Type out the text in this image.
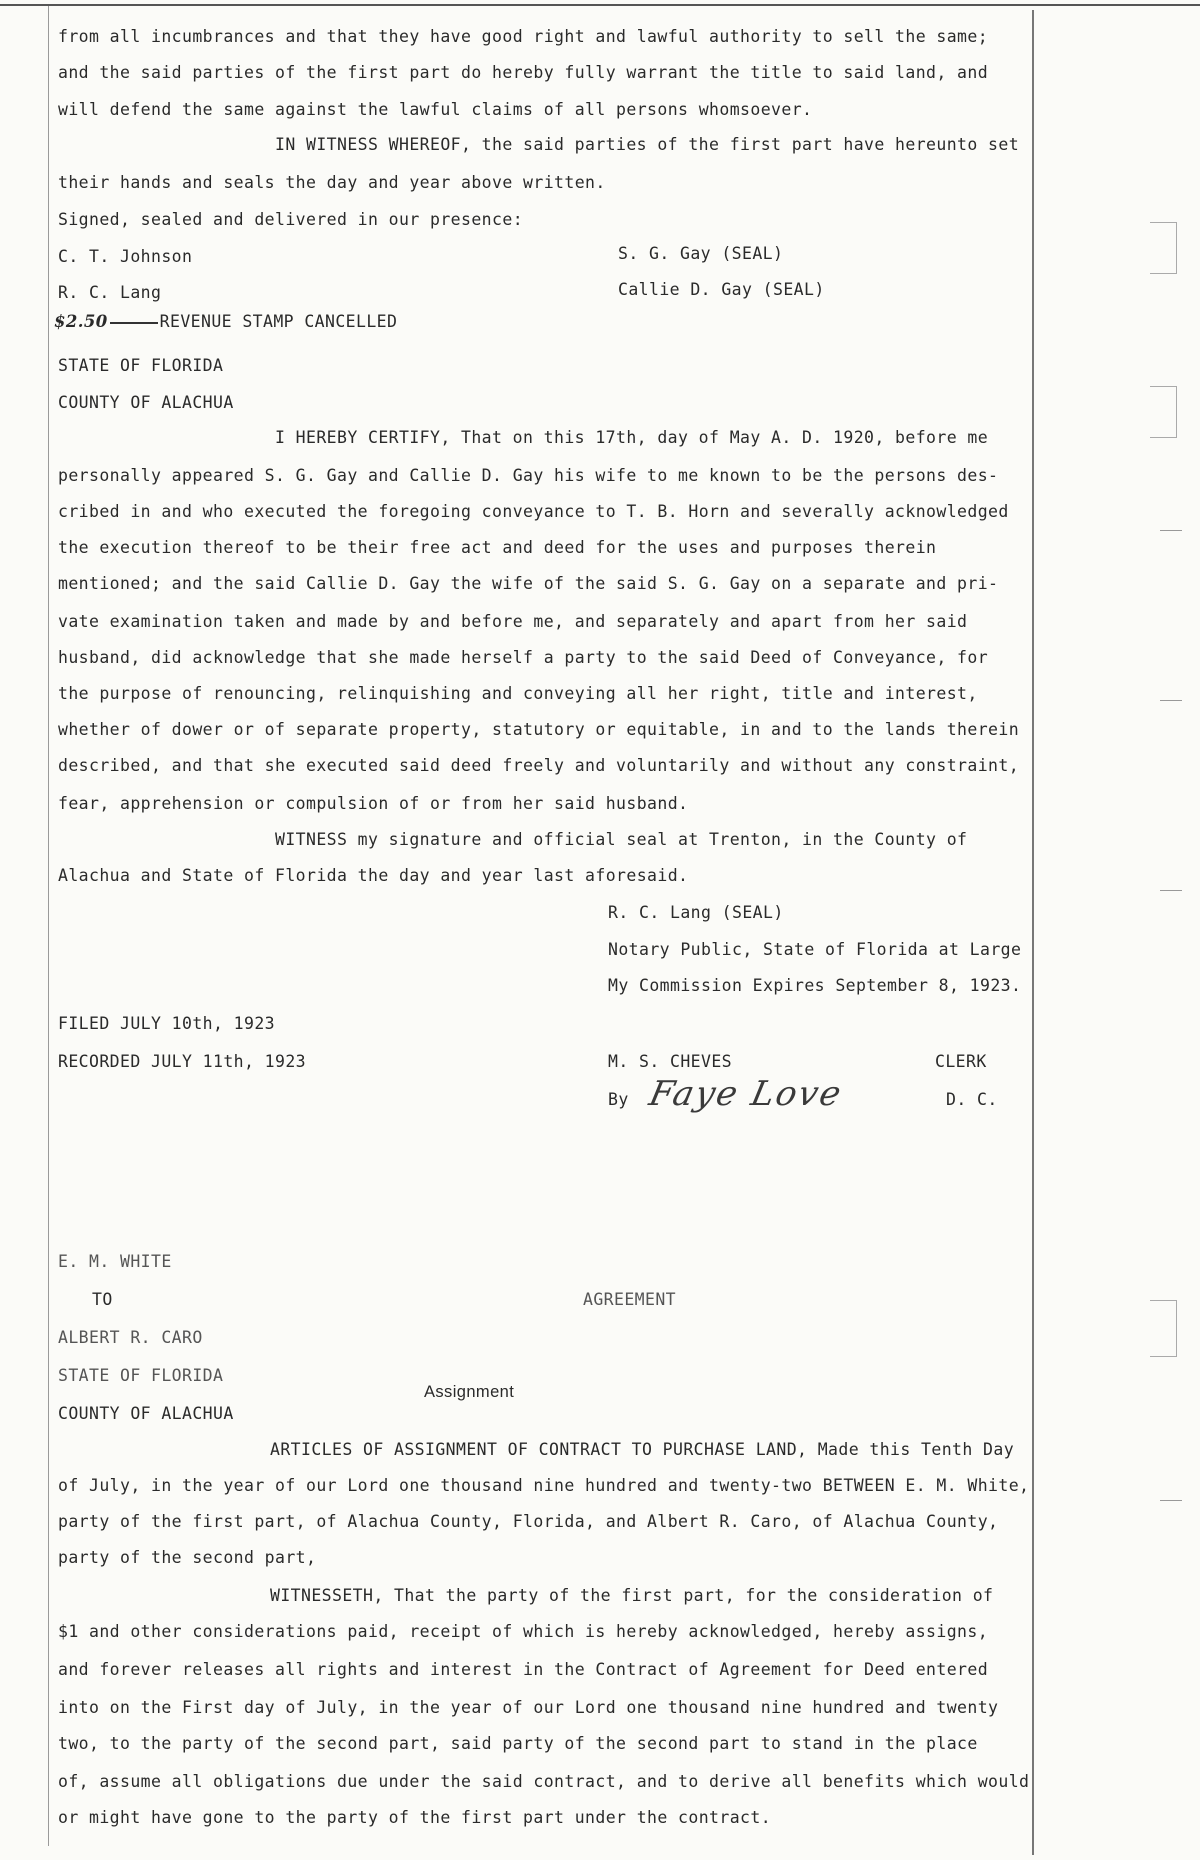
from all incumbrances and that they have good right and lawful authority to sell the same;
and the said parties of the first part do hereby fully warrant the title to said land, and
will defend the same against the lawful claims of all persons whomsoever.
IN WITNESS WHEREOF, the said parties of the first part have hereunto set
their hands and seals the day and year above written.
Signed, sealed and delivered in our presence:
C. T. Johnson	S. G. Gay (SEAL)
R. C. Lang	Callie D. Gay (SEAL)
$2.50	REVENUE STAMP CANCELLED
STATE OF FLORIDA
COUNTY OF ALACHUA
I HEREBY CERTIFY, That on this 17th, day of May A. D. 1920, before me
personally appeared S. G. Gay and Callie D. Gay his wife to me known to be the persons des-
cribed in and who executed the foregoing conveyance to T. B. Horn and severally acknowledged
the execution thereof to be their free act and deed for the uses and purposes therein
mentioned; and the said Callie D. Gay the wife of the said S. G. Gay on a separate and pri-
vate examination taken and made by and before me, and separately and apart from her said
husband, did acknowledge that she made herself a party to the said Deed of Conveyance, for
the purpose of renouncing, relinquishing and conveying all her right, title and interest,
whether of dower or of separate property, statutory or equitable, in and to the lands therein
described, and that she executed said deed freely and voluntarily and without any constraint,
fear, apprehension or compulsion of or from her said husband.
WITNESS my signature and official seal at Trenton, in the County of
Alachua and State of Florida the day and year last aforesaid.
R. C. Lang (SEAL)
Notary Public, State of Florida at Large
My Commission Expires September 8, 1923.
FILED JULY 10th, 1923
RECORDED JULY 11th, 1923	M. S. CHEVES	CLERK
By Faye Love	D. C.
E. M. WHITE
TO	AGREEMENT
ALBERT R. CARO
STATE OF FLORIDA
Assignment
COUNTY OF ALACHUA
ARTICLES OF ASSIGNMENT OF CONTRACT TO PURCHASE LAND, Made this Tenth Day
of July, in the year of our Lord one thousand nine hundred and twenty-two BETWEEN E. M. White,
party of the first part, of Alachua County, Florida, and Albert R. Caro, of Alachua County,
party of the second part,
WITNESSETH, That the party of the first part, for the consideration of
$1 and other considerations paid, receipt of which is hereby acknowledged, hereby assigns,
and forever releases all rights and interest in the Contract of Agreement for Deed entered
into on the First day of July, in the year of our Lord one thousand nine hundred and twenty
two, to the party of the second part, said party of the second part to stand in the place
of, assume all obligations due under the said contract, and to derive all benefits which would
or might have gone to the party of the first part under the contract.
